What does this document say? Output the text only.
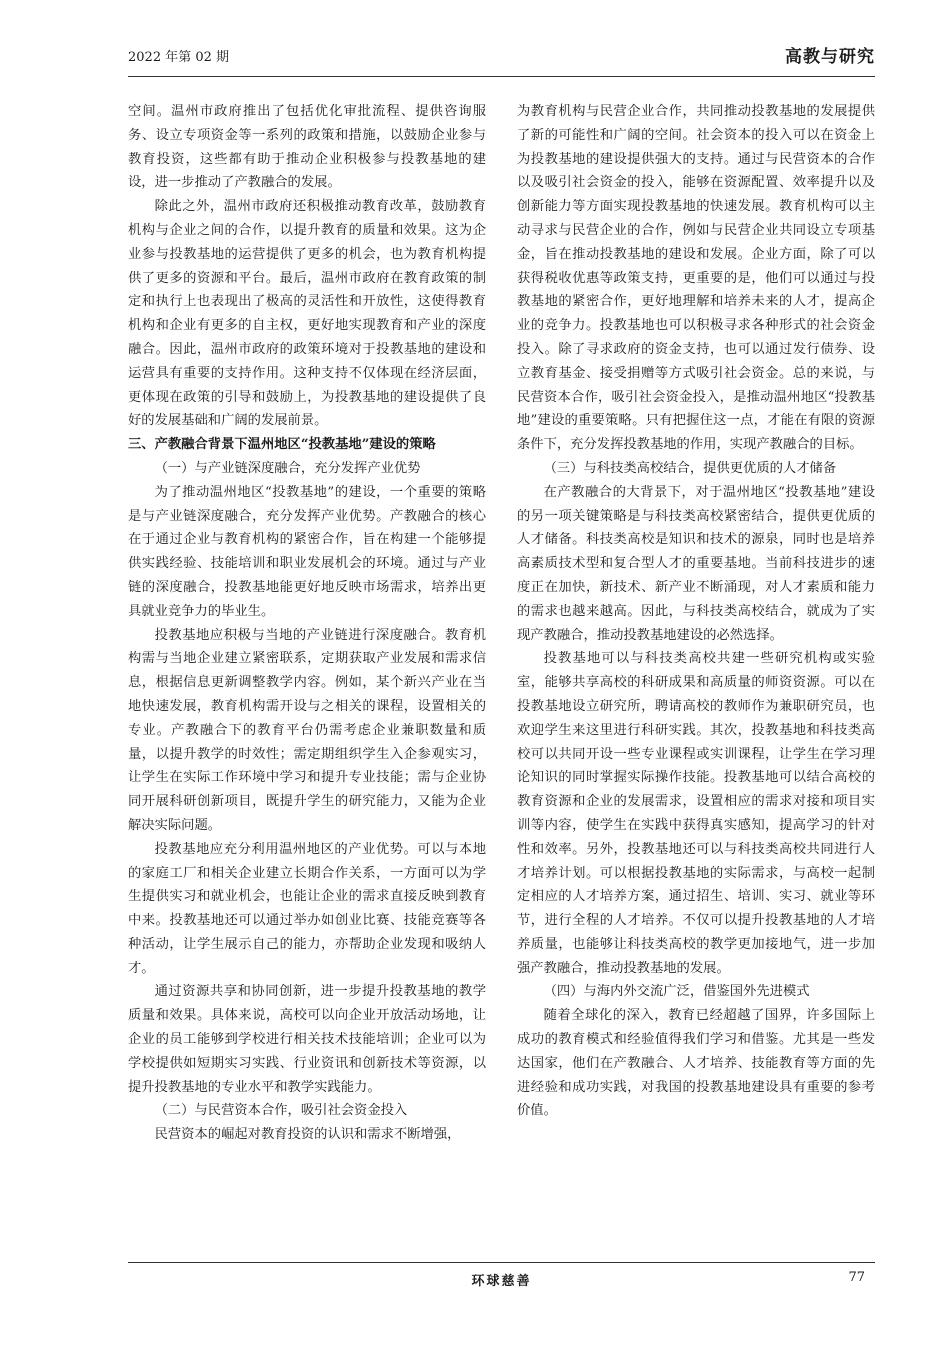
2022 年第 02 期	高教与研究

空间。温州市政府推出了包括优化审批流程、提供咨询服务、设立专项资金等一系列的政策和措施，以鼓励企业参与教育投资，这些都有助于推动企业积极参与投教基地的建设，进一步推动了产教融合的发展。

除此之外，温州市政府还积极推动教育改革，鼓励教育机构与企业之间的合作，以提升教育的质量和效果。这为企业参与投教基地的运营提供了更多的机会，也为教育机构提供了更多的资源和平台。最后，温州市政府在教育政策的制定和执行上也表现出了极高的灵活性和开放性，这使得教育机构和企业有更多的自主权，更好地实现教育和产业的深度融合。因此，温州市政府的政策环境对于投教基地的建设和运营具有重要的支持作用。这种支持不仅体现在经济层面，更体现在政策的引导和鼓励上，为投教基地的建设提供了良好的发展基础和广阔的发展前景。

三、产教融合背景下温州地区“投教基地”建设的策略

（一）与产业链深度融合，充分发挥产业优势

为了推动温州地区“投教基地”的建设，一个重要的策略是与产业链深度融合，充分发挥产业优势。产教融合的核心在于通过企业与教育机构的紧密合作，旨在构建一个能够提供实践经验、技能培训和职业发展机会的环境。通过与产业链的深度融合，投教基地能更好地反映市场需求，培养出更具就业竞争力的毕业生。

投教基地应积极与当地的产业链进行深度融合。教育机构需与当地企业建立紧密联系，定期获取产业发展和需求信息，根据信息更新调整教学内容。例如，某个新兴产业在当地快速发展，教育机构需开设与之相关的课程，设置相关的专业。产教融合下的教育平台仍需考虑企业兼职数量和质量，以提升教学的时效性；需定期组织学生入企参观实习，让学生在实际工作环境中学习和提升专业技能；需与企业协同开展科研创新项目，既提升学生的研究能力，又能为企业解决实际问题。

投教基地应充分利用温州地区的产业优势。可以与本地的家庭工厂和相关企业建立长期合作关系，一方面可以为学生提供实习和就业机会，也能让企业的需求直接反映到教育中来。投教基地还可以通过举办如创业比赛、技能竞赛等各种活动，让学生展示自己的能力，亦帮助企业发现和吸纳人才。

通过资源共享和协同创新，进一步提升投教基地的教学质量和效果。具体来说，高校可以向企业开放活动场地，让企业的员工能够到学校进行相关技术技能培训；企业可以为学校提供如短期实习实践、行业资讯和创新技术等资源，以提升投教基地的专业水平和教学实践能力。

（二）与民营资本合作，吸引社会资金投入

民营资本的崛起对教育投资的认识和需求不断增强，

为教育机构与民营企业合作，共同推动投教基地的发展提供了新的可能性和广阔的空间。社会资本的投入可以在资金上为投教基地的建设提供强大的支持。通过与民营资本的合作以及吸引社会资金的投入，能够在资源配置、效率提升以及创新能力等方面实现投教基地的快速发展。教育机构可以主动寻求与民营企业的合作，例如与民营企业共同设立专项基金，旨在推动投教基地的建设和发展。企业方面，除了可以获得税收优惠等政策支持，更重要的是，他们可以通过与投教基地的紧密合作，更好地理解和培养未来的人才，提高企业的竞争力。投教基地也可以积极寻求各种形式的社会资金投入。除了寻求政府的资金支持，也可以通过发行债券、设立教育基金、接受捐赠等方式吸引社会资金。总的来说，与民营资本合作，吸引社会资金投入，是推动温州地区“投教基地”建设的重要策略。只有把握住这一点，才能在有限的资源条件下，充分发挥投教基地的作用，实现产教融合的目标。

（三）与科技类高校结合，提供更优质的人才储备

在产教融合的大背景下，对于温州地区“投教基地”建设的另一项关键策略是与科技类高校紧密结合，提供更优质的人才储备。科技类高校是知识和技术的源泉，同时也是培养高素质技术型和复合型人才的重要基地。当前科技进步的速度正在加快，新技术、新产业不断涌现，对人才素质和能力的需求也越来越高。因此，与科技类高校结合，就成为了实现产教融合，推动投教基地建设的必然选择。

投教基地可以与科技类高校共建一些研究机构或实验室，能够共享高校的科研成果和高质量的师资资源。可以在投教基地设立研究所，聘请高校的教师作为兼职研究员，也欢迎学生来这里进行科研实践。其次，投教基地和科技类高校可以共同开设一些专业课程或实训课程，让学生在学习理论知识的同时掌握实际操作技能。投教基地可以结合高校的教育资源和企业的发展需求，设置相应的需求对接和项目实训等内容，使学生在实践中获得真实感知，提高学习的针对性和效率。另外，投教基地还可以与科技类高校共同进行人才培养计划。可以根据投教基地的实际需求，与高校一起制定相应的人才培养方案，通过招生、培训、实习、就业等环节，进行全程的人才培养。不仅可以提升投教基地的人才培养质量，也能够让科技类高校的教学更加接地气，进一步加强产教融合，推动投教基地的发展。

（四）与海内外交流广泛，借鉴国外先进模式

随着全球化的深入，教育已经超越了国界，许多国际上成功的教育模式和经验值得我们学习和借鉴。尤其是一些发达国家，他们在产教融合、人才培养、技能教育等方面的先进经验和成功实践，对我国的投教基地建设具有重要的参考价值。

环球慈善	77
